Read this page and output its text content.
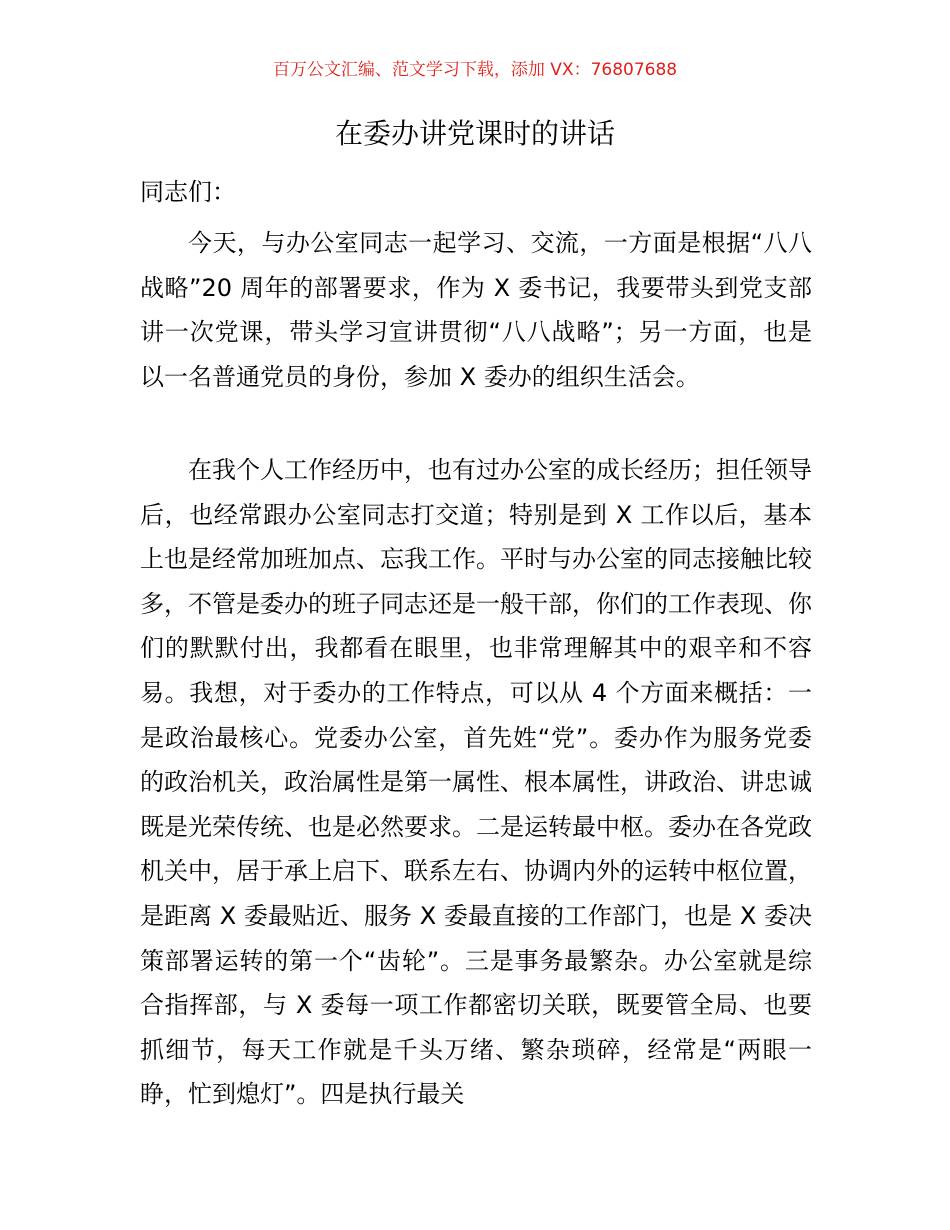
百万公文汇编、范文学习下载，添加 VX：76807688
在委办讲党课时的讲话

同志们：

今天，与办公室同志一起学习、交流，一方面是根据“八八战略”20 周年的部署要求，作为 X 委书记，我要带头到党支部讲一次党课，带头学习宣讲贯彻“八八战略”；另一方面，也是以一名普通党员的身份，参加 X 委办的组织生活会。

在我个人工作经历中，也有过办公室的成长经历；担任领导后，也经常跟办公室同志打交道；特别是到 X 工作以后，基本上也是经常加班加点、忘我工作。平时与办公室的同志接触比较多，不管是委办的班子同志还是一般干部，你们的工作表现、你们的默默付出，我都看在眼里，也非常理解其中的艰辛和不容易。我想，对于委办的工作特点，可以从 4 个方面来概括：一是政治最核心。党委办公室，首先姓“党”。委办作为服务党委的政治机关，政治属性是第一属性、根本属性，讲政治、讲忠诚既是光荣传统、也是必然要求。二是运转最中枢。委办在各党政机关中，居于承上启下、联系左右、协调内外的运转中枢位置，是距离 X 委最贴近、服务 X 委最直接的工作部门，也是 X 委决策部署运转的第一个“齿轮”。三是事务最繁杂。办公室就是综合指挥部，与 X 委每一项工作都密切关联，既要管全局、也要抓细节，每天工作就是千头万绪、繁杂琐碎，经常是“两眼一睁，忙到熄灯”。四是执行最关
